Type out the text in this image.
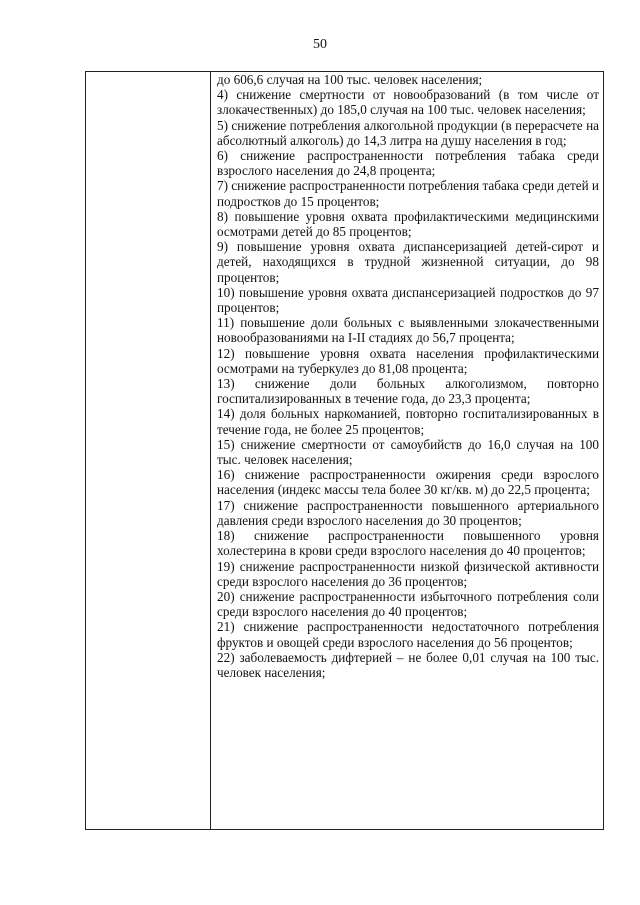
50

до 606,6 случая на 100 тыс. человек населения;

4) снижение смертности от новообразований (в том числе от злокачественных) до 185,0 случая на 100 тыс. человек населения;

5) снижение потребления алкогольной продукции (в перерасчете на абсолютный алкоголь) до 14,3 литра на душу населения в год;

6) снижение распространенности потребления табака среди взрослого населения до 24,8 процента;

7) снижение распространенности потребления табака среди детей и подростков до 15 процентов;

8) повышение уровня охвата профилактическими медицинскими осмотрами детей до 85 процентов;

9) повышение уровня охвата диспансеризацией детей-сирот и детей, находящихся в трудной жизненной ситуации, до 98 процентов;

10) повышение уровня охвата диспансеризацией подростков до 97 процентов;

11) повышение доли больных с выявленными злокачественными новообразованиями на I-II стадиях до 56,7 процента;

12) повышение уровня охвата населения профилактическими осмотрами на туберкулез до 81,08 процента;

13) снижение доли больных алкоголизмом, повторно госпитализированных в течение года, до 23,3 процента;

14) доля больных наркоманией, повторно госпитализированных в течение года, не более 25 процентов;

15) снижение смертности от самоубийств до 16,0 случая на 100 тыс. человек населения;

16) снижение распространенности ожирения среди взрослого населения (индекс массы тела более 30 кг/кв. м) до 22,5 процента;

17) снижение распространенности повышенного артериального давления среди взрослого населения до 30 процентов;

18) снижение распространенности повышенного уровня холестерина в крови среди взрослого населения до 40 процентов;

19) снижение распространенности низкой физической активности среди взрослого населения до 36 процентов;

20) снижение распространенности избыточного потребления соли среди взрослого населения до 40 процентов;

21) снижение распространенности недостаточного потребления фруктов и овощей среди взрослого населения до 56 процентов;

22) заболеваемость дифтерией – не более 0,01 случая на 100 тыс. человек населения;
